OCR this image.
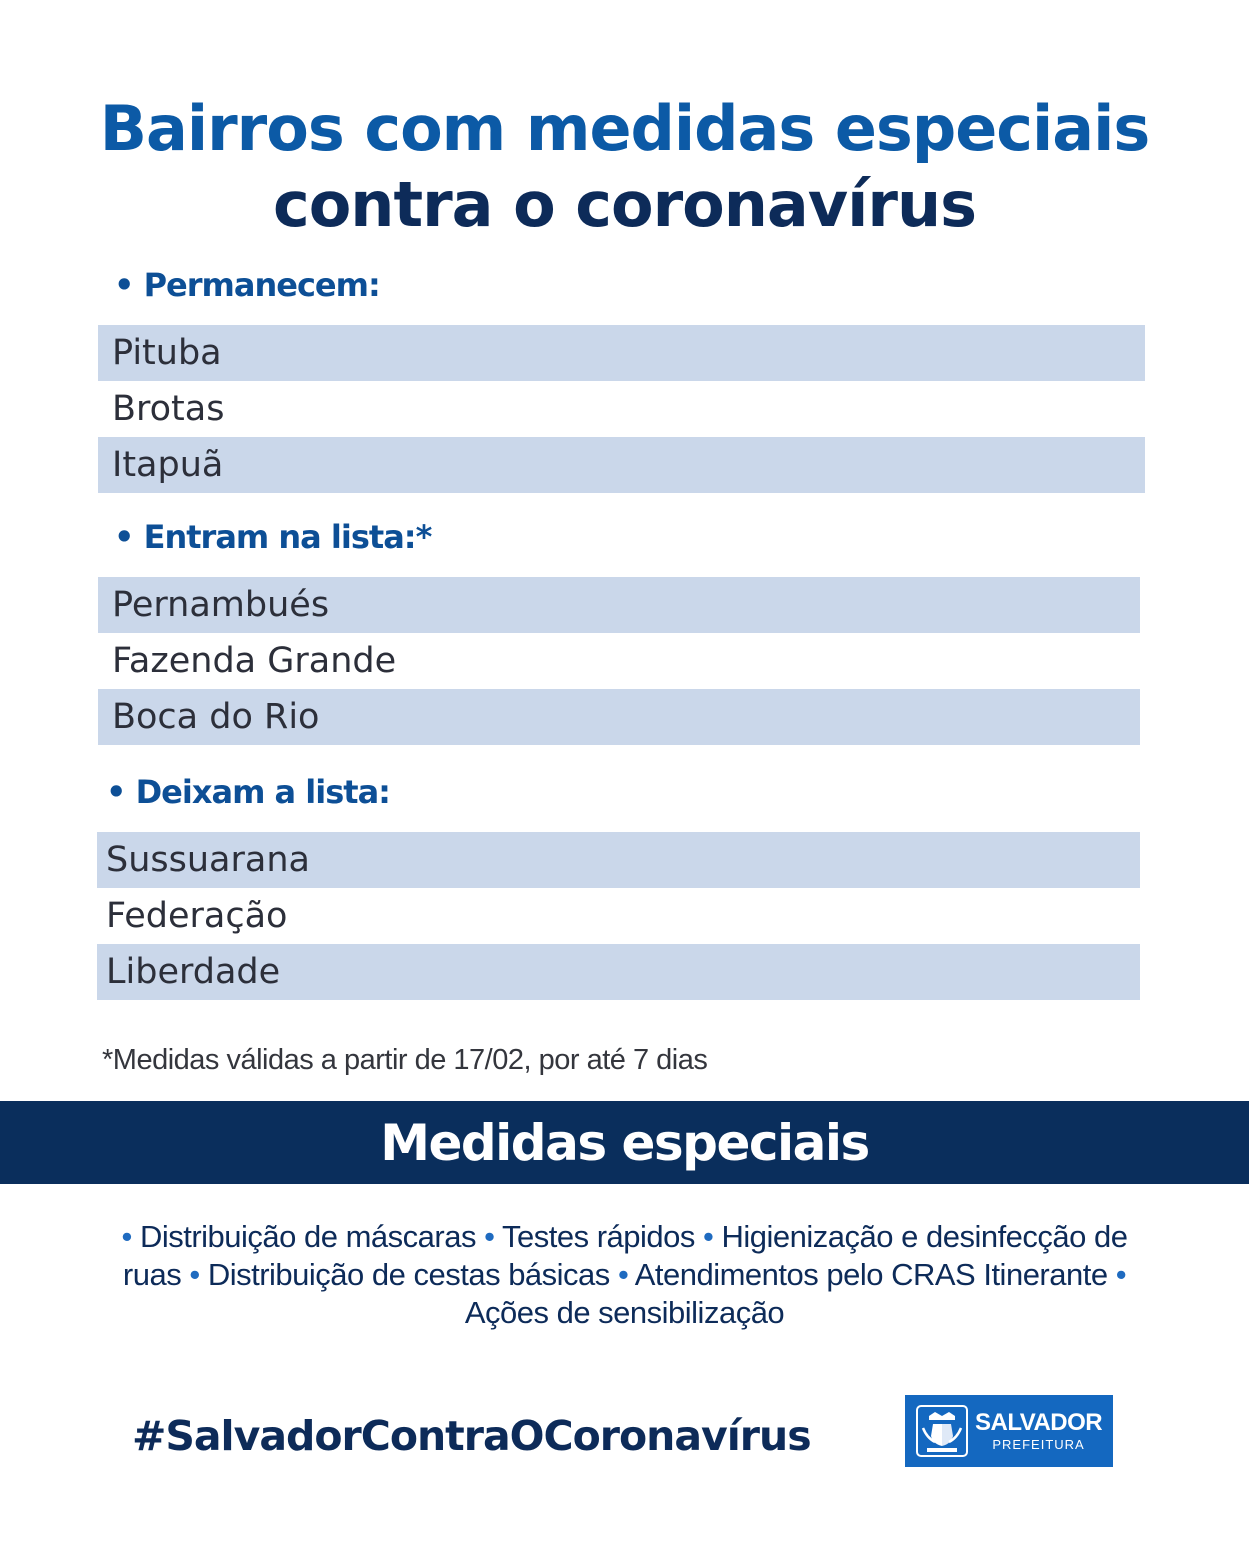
Bairros com medidas especiais
contra o coronavírus
• Permanecem:
Pituba
Brotas
Itapuã
• Entram na lista:*
Pernambués
Fazenda Grande
Boca do Rio
• Deixam a lista:
Sussuarana
Federação
Liberdade
*Medidas válidas a partir de 17/02, por até 7 dias
Medidas especiais
• Distribuição de máscaras • Testes rápidos • Higienização e desinfecção de ruas • Distribuição de cestas básicas • Atendimentos pelo CRAS Itinerante • Ações de sensibilização
#SalvadorContraOCoronavírus	SALVADOR
PREFEITURA
